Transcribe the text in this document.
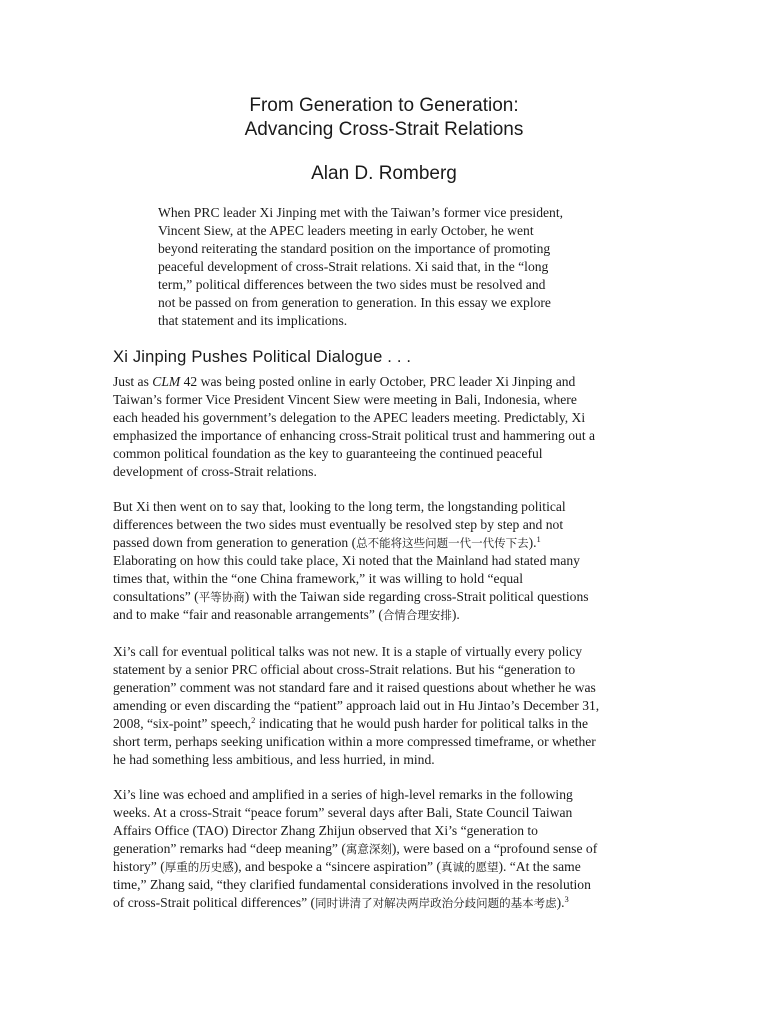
From Generation to Generation:
Advancing Cross-Strait Relations
Alan D. Romberg
When PRC leader Xi Jinping met with the Taiwan’s former vice president,
Vincent Siew, at the APEC leaders meeting in early October, he went
beyond reiterating the standard position on the importance of promoting
peaceful development of cross-Strait relations. Xi said that, in the “long
term,” political differences between the two sides must be resolved and
not be passed on from generation to generation. In this essay we explore
that statement and its implications.
Xi Jinping Pushes Political Dialogue . . .
Just as CLM 42 was being posted online in early October, PRC leader Xi Jinping and
Taiwan’s former Vice President Vincent Siew were meeting in Bali, Indonesia, where
each headed his government’s delegation to the APEC leaders meeting. Predictably, Xi
emphasized the importance of enhancing cross-Strait political trust and hammering out a
common political foundation as the key to guaranteeing the continued peaceful
development of cross-Strait relations.
But Xi then went on to say that, looking to the long term, the longstanding political
differences between the two sides must eventually be resolved step by step and not
passed down from generation to generation (总不能将这些问题一代一代传下去).$^1$
Elaborating on how this could take place, Xi noted that the Mainland had stated many
times that, within the “one China framework,” it was willing to hold “equal
consultations” (平等协商) with the Taiwan side regarding cross-Strait political questions
and to make “fair and reasonable arrangements” (合情合理安排).
Xi’s call for eventual political talks was not new. It is a staple of virtually every policy
statement by a senior PRC official about cross-Strait relations. But his “generation to
generation” comment was not standard fare and it raised questions about whether he was
amending or even discarding the “patient” approach laid out in Hu Jintao’s December 31,
2008, “six-point” speech,$^2$ indicating that he would push harder for political talks in the
short term, perhaps seeking unification within a more compressed timeframe, or whether
he had something less ambitious, and less hurried, in mind.
Xi’s line was echoed and amplified in a series of high-level remarks in the following
weeks. At a cross-Strait “peace forum” several days after Bali, State Council Taiwan
Affairs Office (TAO) Director Zhang Zhijun observed that Xi’s “generation to
generation” remarks had “deep meaning” (寓意深刻), were based on a “profound sense of
history” (厚重的历史感), and bespoke a “sincere aspiration” (真诚的愿望). “At the same
time,” Zhang said, “they clarified fundamental considerations involved in the resolution
of cross-Strait political differences” (同时讲清了对解决两岸政治分歧问题的基本考虑).$^3$
